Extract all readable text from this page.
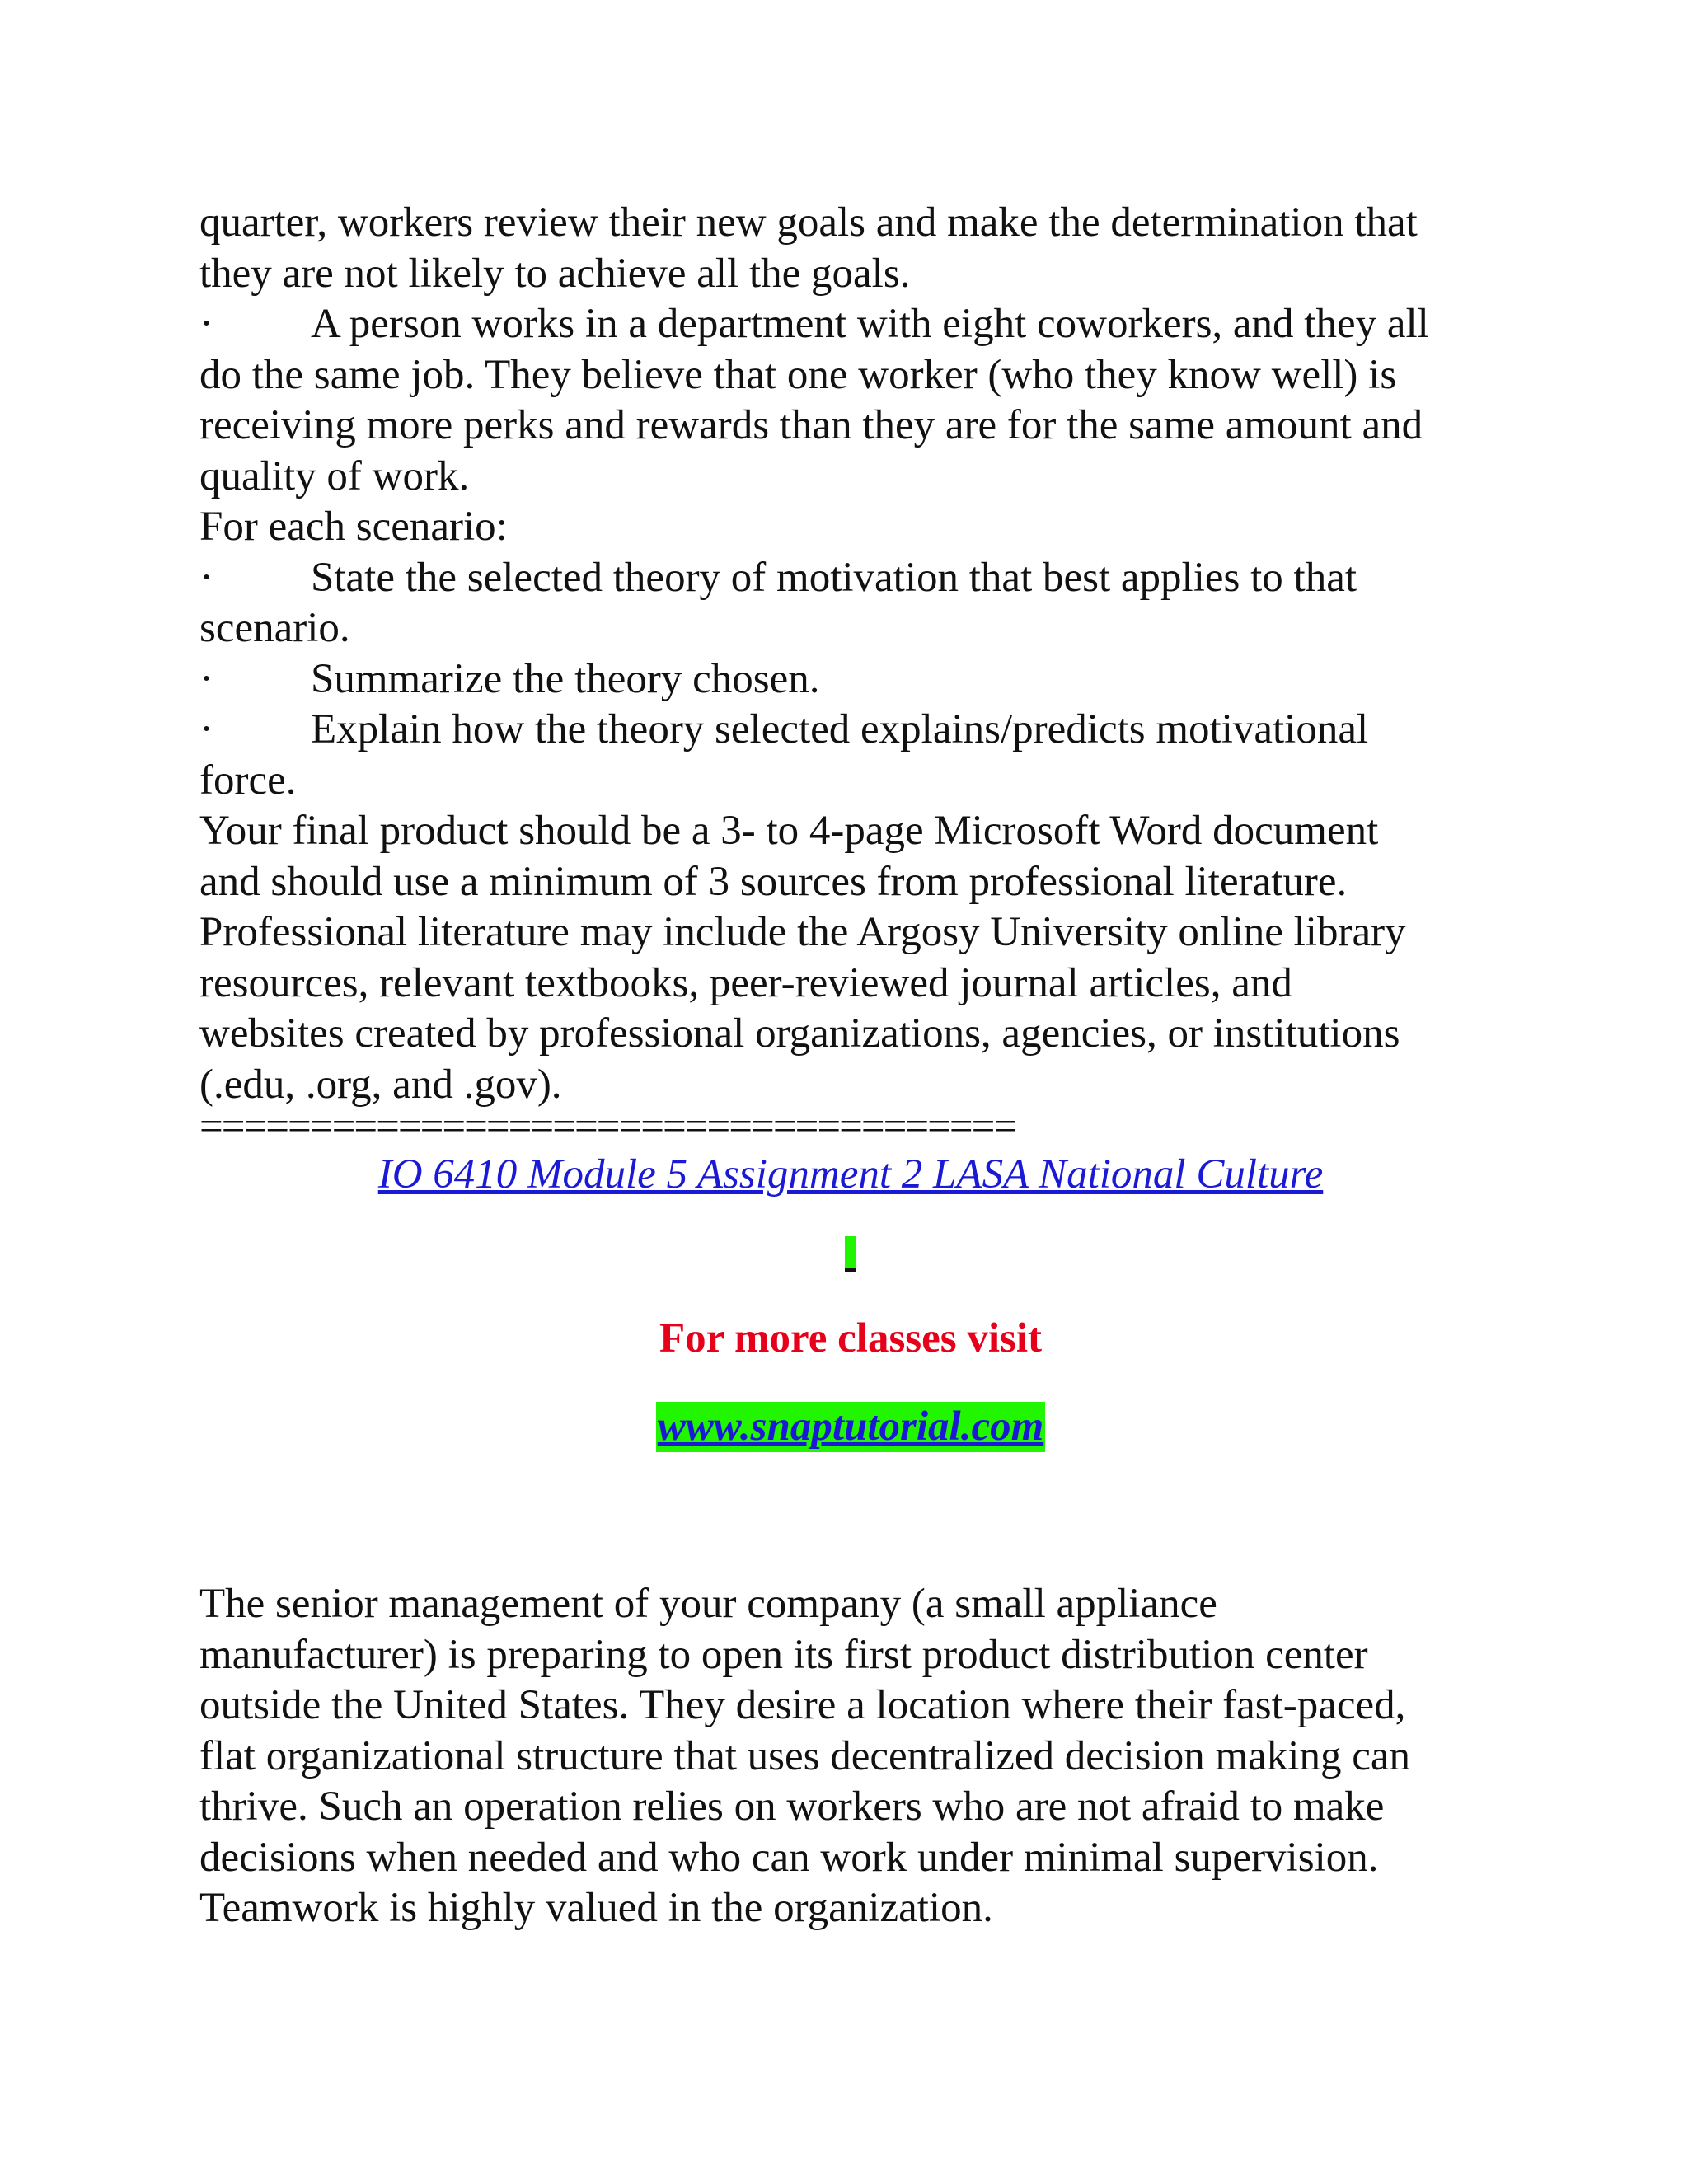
quarter, workers review their new goals and make the determination that

they are not likely to achieve all the goals.

· A person works in a department with eight coworkers, and they all

do the same job. They believe that one worker (who they know well) is

receiving more perks and rewards than they are for the same amount and

quality of work.

For each scenario:

· State the selected theory of motivation that best applies to that

scenario.

· Summarize the theory chosen.

· Explain how the theory selected explains/predicts motivational

force.

Your final product should be a 3- to 4-page Microsoft Word document

and should use a minimum of 3 sources from professional literature.

Professional literature may include the Argosy University online library

resources, relevant textbooks, peer-reviewed journal articles, and

websites created by professional organizations, agencies, or institutions

(.edu, .org, and .gov).

=====================================

IO 6410 Module 5 Assignment 2 LASA National Culture
For more classes visit
www.snaptutorial.com

The senior management of your company (a small appliance

manufacturer) is preparing to open its first product distribution center

outside the United States. They desire a location where their fast-paced,

flat organizational structure that uses decentralized decision making can

thrive. Such an operation relies on workers who are not afraid to make

decisions when needed and who can work under minimal supervision.

Teamwork is highly valued in the organization.
